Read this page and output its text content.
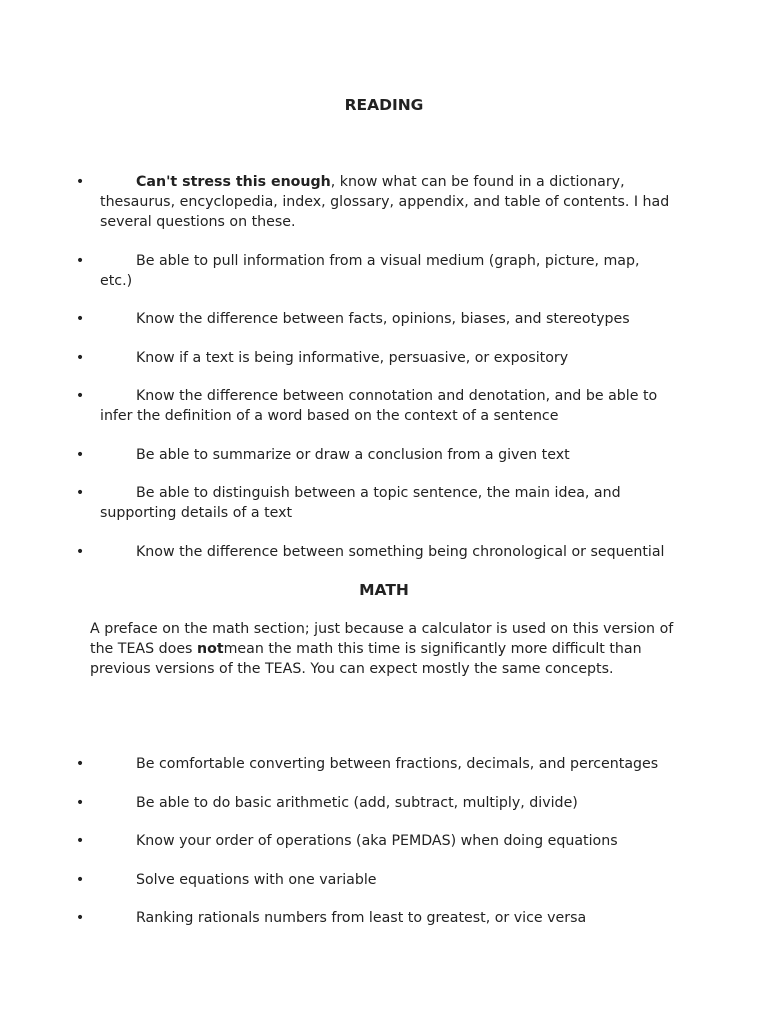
READING
•	Can't stress this enough, know what can be found in a dictionary, thesaurus, encyclopedia, index, glossary, appendix, and table of contents. I had several questions on these.
•	Be able to pull information from a visual medium (graph, picture, map, etc.)
•	Know the difference between facts, opinions, biases, and stereotypes
•	Know if a text is being informative, persuasive, or expository
•	Know the difference between connotation and denotation, and be able to infer the definition of a word based on the context of a sentence
•	Be able to summarize or draw a conclusion from a given text
•	Be able to distinguish between a topic sentence, the main idea, and supporting details of a text
•	Know the difference between something being chronological or sequential
MATH

A preface on the math section; just because a calculator is used on this version of the TEAS does notmean the math this time is significantly more difficult than previous versions of the TEAS. You can expect mostly the same concepts.

•	Be comfortable converting between fractions, decimals, and percentages
•	Be able to do basic arithmetic (add, subtract, multiply, divide)
•	Know your order of operations (aka PEMDAS) when doing equations
•	Solve equations with one variable
•	Ranking rationals numbers from least to greatest, or vice versa
